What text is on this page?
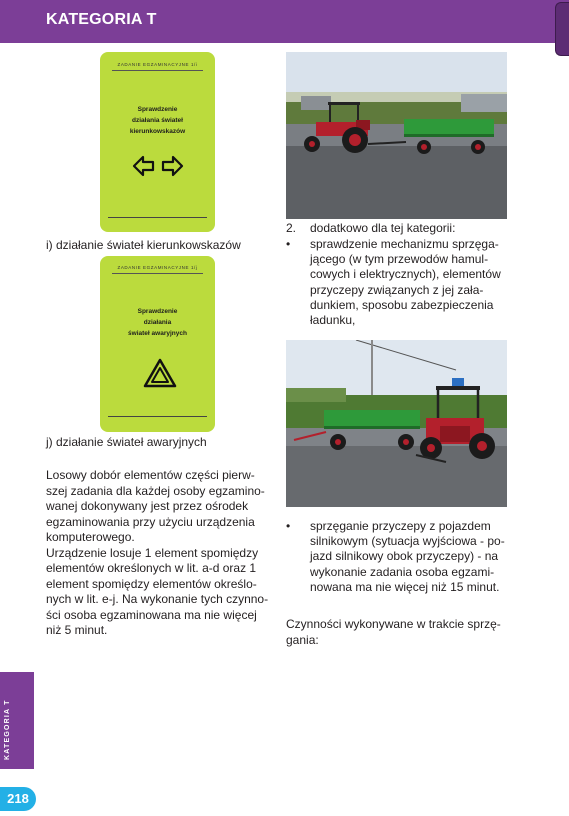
KATEGORIA T
ZADANIE EGZAMINACYJNE 1/i
Sprawdzenie
działania świateł
kierunkowskazów
i) działanie świateł kierunkowskazów
ZADANIE EGZAMINACYJNE 1/j
Sprawdzenie
działania
świateł awaryjnych
j) działanie świateł awaryjnych

Losowy dobór elementów części pierw-

szej zadania dla każdej osoby egzamino-

wanej dokonywany jest przez ośrodek

egzaminowania przy użyciu urządzenia

komputerowego.

Urządzenie losuje 1 element spomiędzy

elementów określonych w lit. a-d oraz 1

element spomiędzy elementów określo-

nych w lit. e-j. Na wykonanie tych czynno-

ści osoba egzaminowana ma nie więcej

niż 5 minut.

2. dodatkowo dla tej kategorii:
• sprawdzenie mechanizmu sprzęga-
jącego (w tym przewodów hamul-
cowych i elektrycznych), elementów
przyczepy związanych z jej zała-
dunkiem, sposobu zabezpieczenia
ładunku,
• sprzęganie przyczepy z pojazdem
silnikowym (sytuacja wyjściowa - po-
jazd silnikowy obok przyczepy) - na
wykonanie zadania osoba egzami-
nowana ma nie więcej niż 15 minut.

Czynności wykonywane w trakcie sprzę-

gania:

KATEGORIA T
218
